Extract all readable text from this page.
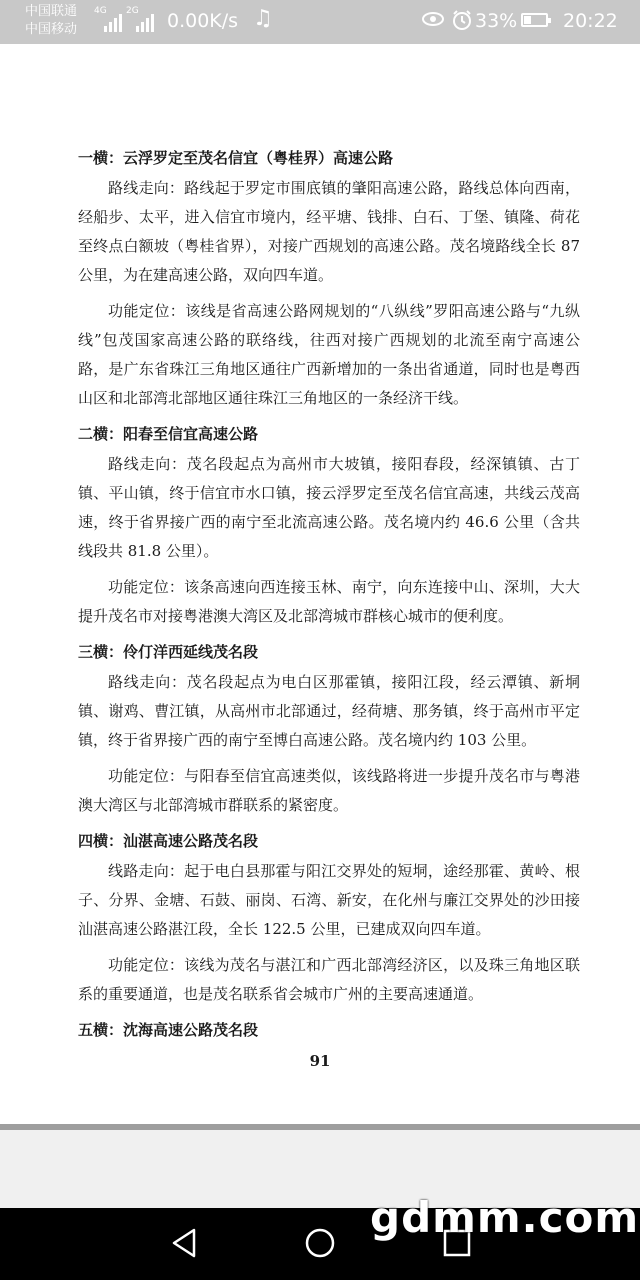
中国联通
中国移动
4G 2G 0.00K/s ♫	33% 20:22
一横：云浮罗定至茂名信宜（粤桂界）高速公路
路线走向：路线起于罗定市围底镇的肇阳高速公路，路线总体向西南，经船步、太平，进入信宜市境内，经平塘、钱排、白石、丁堡、镇隆、荷花至终点白额坡（粤桂省界），对接广西规划的高速公路。茂名境路线全长 87 公里，为在建高速公路，双向四车道。
功能定位：该线是省高速公路网规划的“八纵线”罗阳高速公路与“九纵线”包茂国家高速公路的联络线，往西对接广西规划的北流至南宁高速公路，是广东省珠江三角地区通往广西新增加的一条出省通道，同时也是粤西山区和北部湾北部地区通往珠江三角地区的一条经济干线。
二横：阳春至信宜高速公路
路线走向：茂名段起点为高州市大坡镇，接阳春段，经深镇镇、古丁镇、平山镇，终于信宜市水口镇，接云浮罗定至茂名信宜高速，共线云茂高速，终于省界接广西的南宁至北流高速公路。茂名境内约 46.6 公里（含共线段共 81.8 公里）。
功能定位：该条高速向西连接玉林、南宁，向东连接中山、深圳，大大提升茂名市对接粤港澳大湾区及北部湾城市群核心城市的便利度。
三横：伶仃洋西延线茂名段
路线走向：茂名段起点为电白区那霍镇，接阳江段，经云潭镇、新垌镇、谢鸡、曹江镇，从高州市北部通过，经荷塘、那务镇，终于高州市平定镇，终于省界接广西的南宁至博白高速公路。茂名境内约 103 公里。
功能定位：与阳春至信宜高速类似，该线路将进一步提升茂名市与粤港澳大湾区与北部湾城市群联系的紧密度。
四横：汕湛高速公路茂名段
线路走向：起于电白县那霍与阳江交界处的短垌，途经那霍、黄岭、根子、分界、金塘、石鼓、丽岗、石湾、新安，在化州与廉江交界处的沙田接汕湛高速公路湛江段，全长 122.5 公里，已建成双向四车道。
功能定位：该线为茂名与湛江和广西北部湾经济区，以及珠三角地区联系的重要通道，也是茂名联系省会城市广州的主要高速通道。
五横：沈海高速公路茂名段
91
gdmm.com
